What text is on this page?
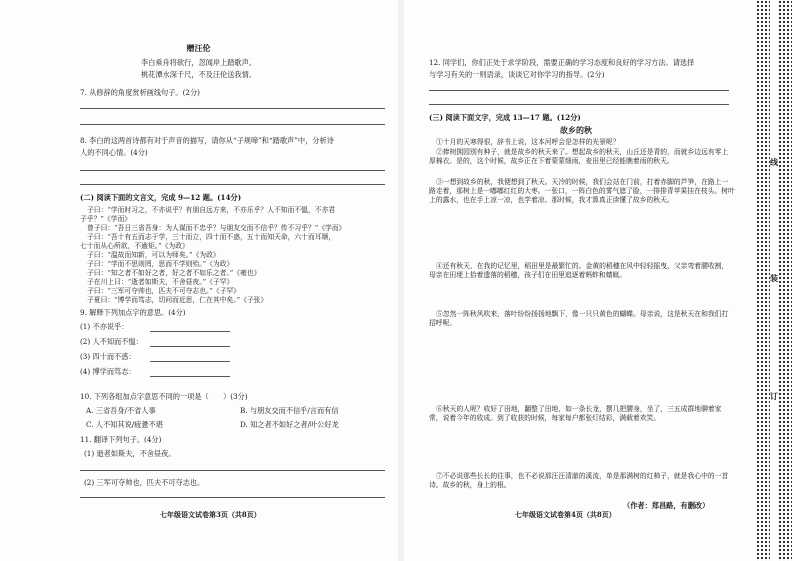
赠汪伦
李白乘舟将欲行，忽闻岸上踏歌声。
桃花潭水深千尺，不及汪伦送我情。
7. 从修辞的角度赏析画线句子。(2分)
8. 李白的这两首诗都有对于声音的描写，请你从“子规啼”和“踏歌声”中，分析诗
人的不同心情。(4分)
(二) 阅读下面的文言文，完成 9—12 题。(14分)
子曰：“学而时习之，不亦说乎？有朋自远方来，不亦乐乎？人不知而不愠，不亦君
子乎？”《学而》
曾子曰：“吾日三省吾身：为人谋而不忠乎？与朋友交而不信乎？传不习乎？”《学而》
子曰：“吾十有五而志于学，三十而立，四十而不惑，五十而知天命，六十而耳顺，
七十而从心所欲，不逾矩。”《为政》
子曰：“温故而知新，可以为师矣。”《为政》
子曰：“学而不思则罔，思而不学则殆。”《为政》
子曰：“知之者不如好之者，好之者不如乐之者。”《雍也》
子在川上曰：“逝者如斯夫，不舍昼夜。”《子罕》
子曰：“三军可夺帅也，匹夫不可夺志也。”《子罕》
子夏曰：“博学而笃志，切问而近思，仁在其中矣。”《子张》
9. 解释下列加点字的意思。(4分)
(1) 不亦说乎：
(2) 人不知而不愠：
(3) 四十而不惑：
(4) 博学而笃志：
10. 下列各组加点字意思不同的一项是（　　）(3分)
A. 三省吾身/不省人事	B. 与朋友交而不信乎/言而有信
C. 人不知其说/疲惫不堪	D. 知之者不如好之者/叶公好龙
11. 翻译下列句子。(4分)
(1) 逝者如斯夫，不舍昼夜。
(2) 三军可夺帅也，匹夫不可夺志也。
七年级语文试卷第3页（共8页）
12. 同学们，你们正处于求学阶段，需要正确的学习态度和良好的学习方法。请选择
与学习有关的一则语录，谈谈它对你学习的指导。(2分)
(三) 阅读下面文字，完成 13—17 题。(12分)
故乡的秋
①十月的天寒得很，辞书上说，这本河呼会是怎样的光景呢？
②捧树拥园别有种子，就是故乡的秋天来了。想起故乡的秋天，山丘还是青的，而就乡边远有零上厚棉衣。是的，这个时候，故乡正在下着蒙蒙细雨，麦田里已经能瞧着雨的秋天。
③一想到故乡的秋，我便想到了秋天。天冷的时候，我们会站在门前，打着赤脚的芦笋，在路上一路走着，那树上是一嘟嘟红红的大枣。一张口，一阵白色的雾气遮了脸，一排排青苹果挂在枝头。树叶上的露水，也在手上凉一凉，也学着凉。那时候，我才算真正读懂了故乡的秋天。
④还有秋天，在我的记忆里，稻田里是最繁忙的。金黄的稻穗在风中轻轻摇曳，父亲弯着腰收割，母亲在田埂上拾着遗落的稻穗，孩子们在田里追逐着蚂蚱和蜻蜓。
⑤忽然一阵秋风吹来，落叶纷纷扬扬地飘下，像一只只黄色的蝴蝶。母亲说，这是秋天在和我们打招呼呢。
⑥秋天的人呢？收好了田地，翻整了田地，如一条长龙，摆几把腰身，坐了，三五成群地聊着家常，说着今年的收成。到了收获的时候，每家每户都张灯结彩，满载着欢笑。
⑦不必说那些长长的往事，也不必说那汪汪清澈的溪流，单是那满树的红柿子，就是我心中的一首诗。故乡的秋，身上的根。
（作者：郑昌路，有删改）
七年级语文试卷第4页（共8页）
线
装
订
